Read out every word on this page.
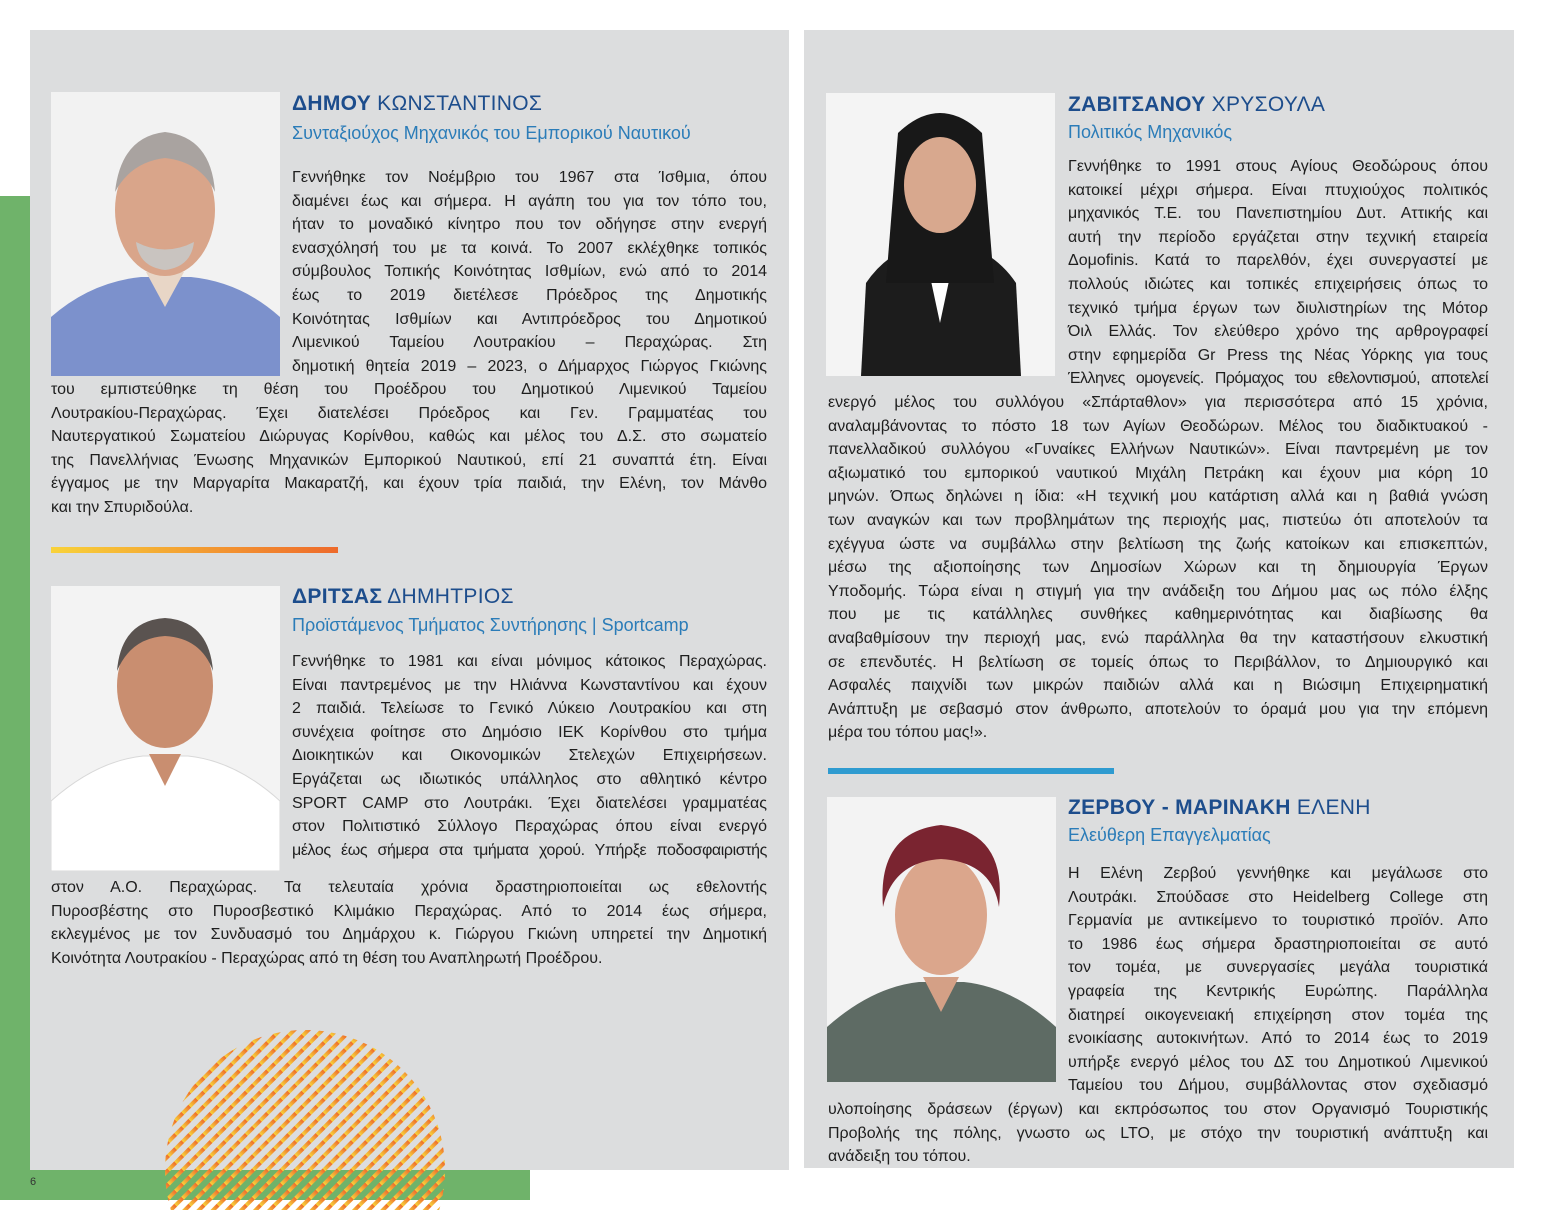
ΔΗΜΟΥ ΚΩΝΣΤΑΝΤΙΝΟΣ
Συνταξιούχος Μηχανικός του Εμπορικού Ναυτικού
Γεννήθηκε τον Νοέμβριο του 1967 στα Ίσθμια, όπου
διαμένει έως και σήμερα. Η αγάπη του για τον τόπο του,
ήταν το μοναδικό κίνητρο που τον οδήγησε στην ενεργή
ενασχόλησή του με τα κοινά. Το 2007 εκλέχθηκε τοπικός
σύμβουλος Τοπικής Κοινότητας Ισθμίων, ενώ από το 2014
έως το 2019 διετέλεσε Πρόεδρος της Δημοτικής
Κοινότητας Ισθμίων και Αντιπρόεδρος του Δημοτικού
Λιμενικού Ταμείου Λουτρακίου – Περαχώρας. Στη
δημοτική θητεία 2019 – 2023, ο Δήμαρχος Γιώργος Γκιώνης
του εμπιστεύθηκε τη θέση του Προέδρου του Δημοτικού Λιμενικού Ταμείου
Λουτρακίου-Περαχώρας. Έχει διατελέσει Πρόεδρος και Γεν. Γραμματέας του
Ναυτεργατικού Σωματείου Διώρυγας Κορίνθου, καθώς και μέλος του Δ.Σ. στο σωματείο
της Πανελλήνιας Ένωσης Μηχανικών Εμπορικού Ναυτικού, επί 21 συναπτά έτη. Είναι
έγγαμος με την Μαργαρίτα Μακαρατζή, και έχουν τρία παιδιά, την Ελένη, τον Μάνθο
και την Σπυριδούλα.
ΔΡΙΤΣΑΣ ΔΗΜΗΤΡΙΟΣ
Προϊστάμενος Τμήματος Συντήρησης | Sportcamp
Γεννήθηκε το 1981 και είναι μόνιμος κάτοικος Περαχώρας.
Είναι παντρεμένος με την Ηλιάννα Κωνσταντίνου και έχουν
2 παιδιά. Τελείωσε το Γενικό Λύκειο Λουτρακίου και στη
συνέχεια φοίτησε στο Δημόσιο ΙΕΚ Κορίνθου στο τμήμα
Διοικητικών και Οικονομικών Στελεχών Επιχειρήσεων.
Εργάζεται ως ιδιωτικός υπάλληλος στο αθλητικό κέντρο
SPORT CAMP στο Λουτράκι. Έχει διατελέσει γραμματέας
στον Πολιτιστικό Σύλλογο Περαχώρας όπου είναι ενεργό
μέλος έως σήμερα στα τμήματα χορού. Υπήρξε ποδοσφαιριστής
στον Α.Ο. Περαχώρας. Τα τελευταία χρόνια δραστηριοποιείται ως εθελοντής
Πυροσβέστης στο Πυροσβεστικό Κλιμάκιο Περαχώρας. Από το 2014 έως σήμερα,
εκλεγμένος με τον Συνδυασμό του Δημάρχου κ. Γιώργου Γκιώνη υπηρετεί την Δημοτική
Κοινότητα Λουτρακίου - Περαχώρας από τη θέση του Αναπληρωτή Προέδρου.
ΖΑΒΙΤΣΑΝΟΥ ΧΡΥΣΟΥΛΑ
Πολιτικός Μηχανικός
Γεννήθηκε το 1991 στους Αγίους Θεοδώρους όπου
κατοικεί μέχρι σήμερα. Είναι πτυχιούχος πολιτικός
μηχανικός Τ.Ε. του Πανεπιστημίου Δυτ. Αττικής και
αυτή την περίοδο εργάζεται στην τεχνική εταιρεία
Δομofinis. Κατά το παρελθόν, έχει συνεργαστεί με
πολλούς ιδιώτες και τοπικές επιχειρήσεις όπως το
τεχνικό τμήμα έργων των διυλιστηρίων της Μότορ
Όιλ Ελλάς. Τον ελεύθερο χρόνο της αρθρογραφεί
στην εφημερίδα Gr Press της Νέας Υόρκης για τους
Έλληνες ομογενείς. Πρόμαχος του εθελοντισμού, αποτελεί
ενεργό μέλος του συλλόγου «Σπάρταθλον» για περισσότερα από 15 χρόνια,
αναλαμβάνοντας το πόστο 18 των Αγίων Θεοδώρων. Μέλος του διαδικτυακού -
πανελλαδικού συλλόγου «Γυναίκες Ελλήνων Ναυτικών». Είναι παντρεμένη με τον
αξιωματικό του εμπορικού ναυτικού Μιχάλη Πετράκη και έχουν μια κόρη 10
μηνών. Όπως δηλώνει η ίδια: «Η τεχνική μου κατάρτιση αλλά και η βαθιά γνώση
των αναγκών και των προβλημάτων της περιοχής μας, πιστεύω ότι αποτελούν τα
εχέγγυα ώστε να συμβάλλω στην βελτίωση της ζωής κατοίκων και επισκεπτών,
μέσω της αξιοποίησης των Δημοσίων Χώρων και τη δημιουργία Έργων
Υποδομής. Τώρα είναι η στιγμή για την ανάδειξη του Δήμου μας ως πόλο έλξης
που με τις κατάλληλες συνθήκες καθημερινότητας και διαβίωσης θα
αναβαθμίσουν την περιοχή μας, ενώ παράλληλα θα την καταστήσουν ελκυστική
σε επενδυτές. Η βελτίωση σε τομείς όπως το Περιβάλλον, το Δημιουργικό και
Ασφαλές παιχνίδι των μικρών παιδιών αλλά και η Βιώσιμη Επιχειρηματική
Ανάπτυξη με σεβασμό στον άνθρωπο, αποτελούν το όραμά μου για την επόμενη
μέρα του τόπου μας!».
ΖΕΡΒΟΥ - ΜΑΡΙΝΑΚΗ ΕΛΕΝΗ
Ελεύθερη Επαγγελματίας
Η Ελένη Ζερβού γεννήθηκε και μεγάλωσε στο
Λουτράκι. Σπούδασε στο Heidelberg College στη
Γερμανία με αντικείμενο το τουριστικό προϊόν. Απο
το 1986 έως σήμερα δραστηριοποιείται σε αυτό
τον τομέα, με συνεργασίες μεγάλα τουριστικά
γραφεία της Κεντρικής Ευρώπης. Παράλληλα
διατηρεί οικογενειακή επιχείρηση στον τομέα της
ενοικίασης αυτοκινήτων. Από το 2014 έως το 2019
υπήρξε ενεργό μέλος του ΔΣ του Δημοτικού Λιμενικού
Ταμείου του Δήμου, συμβάλλοντας στον σχεδιασμό
υλοποίησης δράσεων (έργων) και εκπρόσωπος του στον Οργανισμό Τουριστικής
Προβολής της πόλης, γνωστο ως LTO, με στόχο την τουριστική ανάπτυξη και
ανάδειξη του τόπου.
6
